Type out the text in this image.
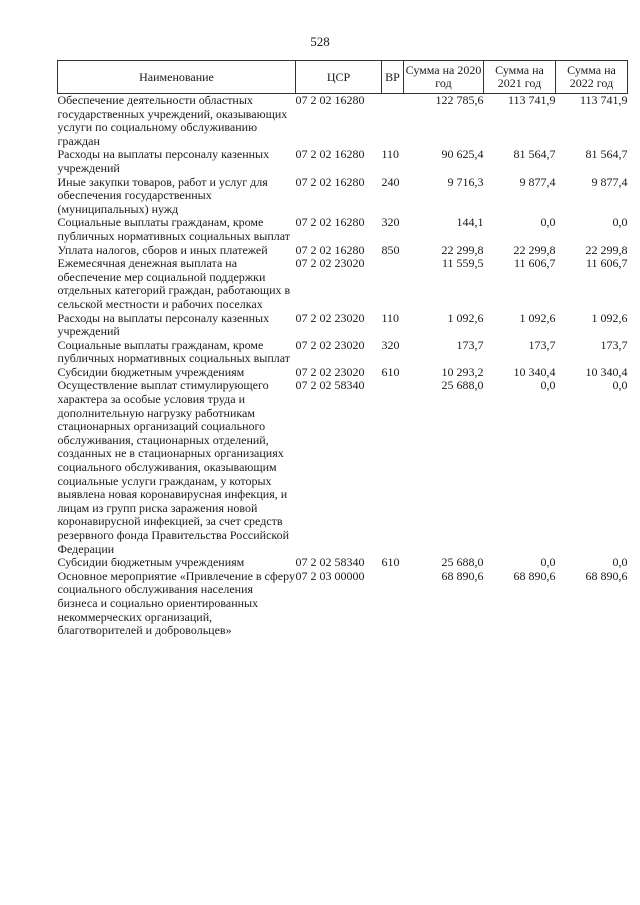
528
Наименование	ЦСР	ВР	Сумма на 2020 год	Сумма на 2021 год	Сумма на 2022 год
Обеспечение деятельности областных государственных учреждений, оказывающих услуги по социальному обслуживанию граждан	07 2 02 16280		122 785,6	113 741,9	113 741,9
Расходы на выплаты персоналу казенных учреждений	07 2 02 16280	110	90 625,4	81 564,7	81 564,7
Иные закупки товаров, работ и услуг для обеспечения государственных (муниципальных) нужд	07 2 02 16280	240	9 716,3	9 877,4	9 877,4
Социальные выплаты гражданам, кроме публичных нормативных социальных выплат	07 2 02 16280	320	144,1	0,0	0,0
Уплата налогов, сборов и иных платежей	07 2 02 16280	850	22 299,8	22 299,8	22 299,8
Ежемесячная денежная выплата на обеспечение мер социальной поддержки отдельных категорий граждан, работающих в сельской местности и рабочих поселках	07 2 02 23020		11 559,5	11 606,7	11 606,7
Расходы на выплаты персоналу казенных учреждений	07 2 02 23020	110	1 092,6	1 092,6	1 092,6
Социальные выплаты гражданам, кроме публичных нормативных социальных выплат	07 2 02 23020	320	173,7	173,7	173,7
Субсидии бюджетным учреждениям	07 2 02 23020	610	10 293,2	10 340,4	10 340,4
Осуществление выплат стимулирующего характера за особые условия труда и дополнительную нагрузку работникам стационарных организаций социального обслуживания, стационарных отделений, созданных не в стационарных организациях социального обслуживания, оказывающим социальные услуги гражданам, у которых выявлена новая коронавирусная инфекция, и лицам из групп риска заражения новой коронавирусной инфекцией, за счет средств резервного фонда Правительства Российской Федерации	07 2 02 58340		25 688,0	0,0	0,0
Субсидии бюджетным учреждениям	07 2 02 58340	610	25 688,0	0,0	0,0
Основное мероприятие «Привлечение в сферу социального обслуживания населения бизнеса и социально ориентированных некоммерческих организаций, благотворителей и добровольцев»	07 2 03 00000		68 890,6	68 890,6	68 890,6
